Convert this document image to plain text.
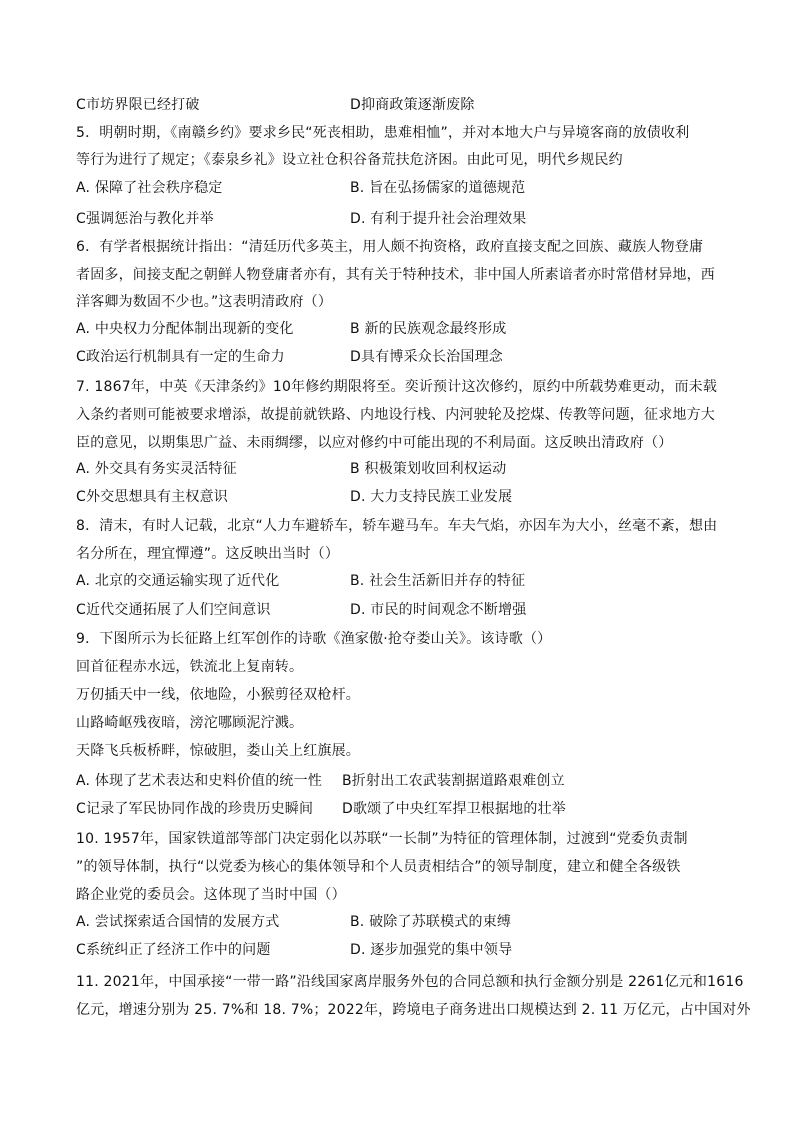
C市坊界限已经打破	D抑商政策逐渐废除
5．明朝时期，《南赣乡约》要求乡民“死丧相助，患难相恤”，并对本地大户与异境客商的放债收利
等行为进行了规定；《泰泉乡礼》设立社仓积谷备荒扶危济困。由此可见，明代乡规民约
A. 保障了社会秩序稳定	B. 旨在弘扬儒家的道德规范
C强调惩治与教化并举	D. 有利于提升社会治理效果
6．有学者根据统计指出：“清廷历代多英主，用人颇不拘资格，政府直接支配之回族、藏族人物登庸
者固多，间接支配之朝鲜人物登庸者亦有，其有关于特种技术，非中国人所素谙者亦时常借材异地，西
洋客卿为数固不少也。”这表明清政府（）
A. 中央权力分配体制出现新的变化	B 新的民族观念最终形成
C政治运行机制具有一定的生命力	D具有博采众长治国理念
7. 1867年，中英《天津条约》10年修约期限将至。奕䜣预计这次修约，原约中所载势难更动，而未载
入条约者则可能被要求增添，故提前就铁路、内地设行栈、内河驶轮及挖煤、传教等问题，征求地方大
臣的意见，以期集思广益、未雨绸缪，以应对修约中可能出现的不利局面。这反映出清政府（）
A. 外交具有务实灵活特征	B 积极策划收回利权运动
C外交思想具有主权意识	D. 大力支持民族工业发展
8．清末，有时人记载，北京“人力车避轿车，轿车避马车。车夫气焰，亦因车为大小，丝毫不紊，想由
名分所在，理宜憚遵”。这反映出当时（）
A. 北京的交通运输实现了近代化	B. 社会生活新旧并存的特征
C近代交通拓展了人们空间意识	D. 市民的时间观念不断增强
9．下图所示为长征路上红军创作的诗歌《渔家傲·抢夺娄山关》。该诗歌（）
回首征程赤水远，铁流北上复南转。
万仞插天中一线，依地险，小猴剪径双枪杆。
山路崎岖残夜暗，滂沱哪顾泥泞溅。
天降飞兵板桥畔，惊破胆，娄山关上红旗展。
A. 体现了艺术表达和史料价值的统一性 B折射出工农武装割据道路艰难创立
C记录了军民协同作战的珍贵历史瞬间 D歌颂了中央红军捍卫根据地的壮举
10. 1957年，国家铁道部等部门决定弱化以苏联“一长制”为特征的管理体制，过渡到“党委负责制
”的领导体制，执行“以党委为核心的集体领导和个人员责相结合”的领导制度，建立和健全各级铁
路企业党的委员会。这体现了当时中国（）
A. 尝试探索适合国情的发展方式	B. 破除了苏联模式的束缚
C系统纠正了经济工作中的问题	D. 逐步加强党的集中领导
11. 2021年，中国承接“一带一路”沿线国家离岸服务外包的合同总额和执行金额分别是 2261亿元和1616
亿元，增速分别为 25. 7%和 18. 7%；2022年，跨境电子商务进出口规模达到 2. 11 万亿元，占中国对外
